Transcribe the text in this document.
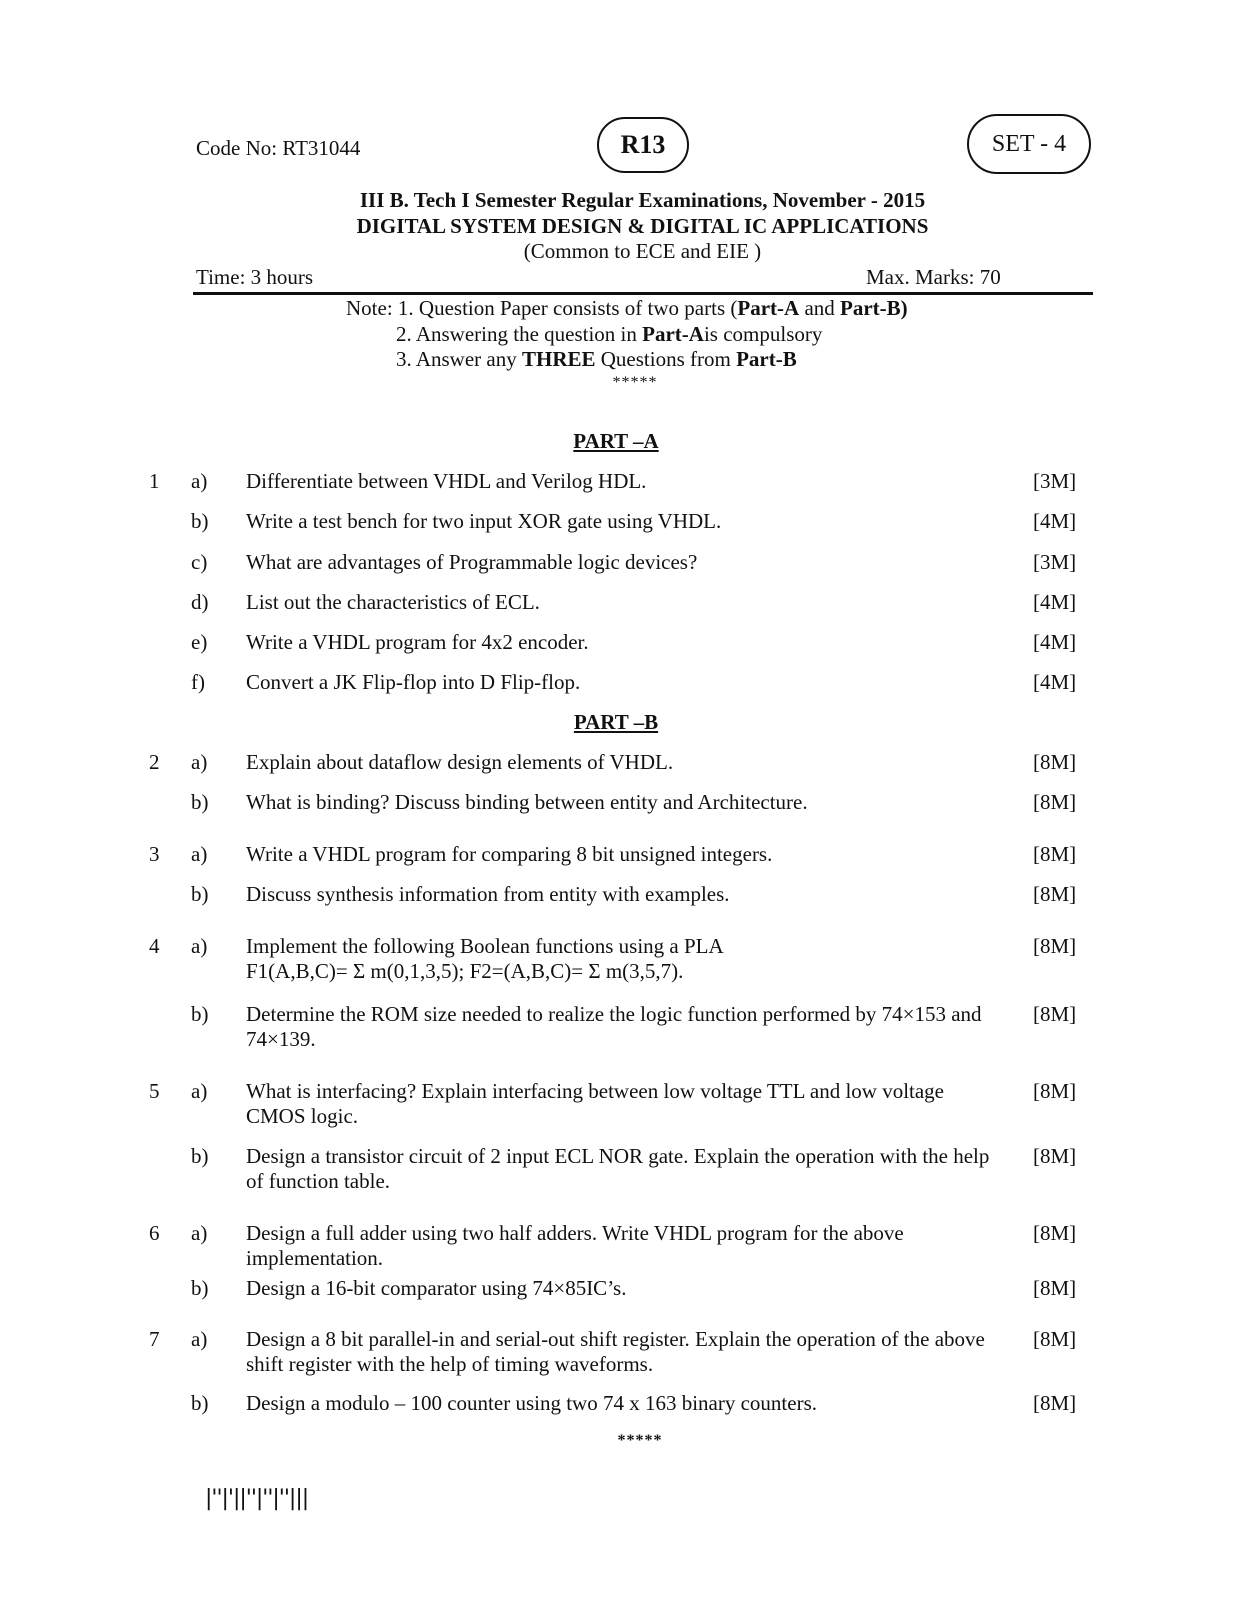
Code No: RT31044	R13	SET - 4
III B. Tech I Semester Regular Examinations, November - 2015
DIGITAL SYSTEM DESIGN & DIGITAL IC APPLICATIONS
(Common to ECE and EIE )
Time: 3 hours	Max. Marks: 70
Note: 1. Question Paper consists of two parts (Part-A and Part-B)
2. Answering the question in Part-Ais compulsory
3. Answer any THREE Questions from Part-B
*****
PART –A
1 a) Differentiate between VHDL and Verilog HDL.	[3M]
b) Write a test bench for two input XOR gate using VHDL.	[4M]
c) What are advantages of Programmable logic devices?	[3M]
d) List out the characteristics of ECL.	[4M]
e) Write a VHDL program for 4x2 encoder.	[4M]
f) Convert a JK Flip-flop into D Flip-flop.	[4M]
PART –B
2 a) Explain about dataflow design elements of VHDL.	[8M]
b) What is binding? Discuss binding between entity and Architecture.	[8M]
3 a) Write a VHDL program for comparing 8 bit unsigned integers.	[8M]
b) Discuss synthesis information from entity with examples.	[8M]
4 a) Implement the following Boolean functions using a PLA
F1(A,B,C)= Σ m(0,1,3,5); F2=(A,B,C)= Σ m(3,5,7).
[8M]
b) Determine the ROM size needed to realize the logic function performed by 74×153 and 74×139.
[8M]
5 a) What is interfacing? Explain interfacing between low voltage TTL and low voltage CMOS logic.
[8M]
b) Design a transistor circuit of 2 input ECL NOR gate. Explain the operation with the help of function table.
[8M]
6 a) Design a full adder using two half adders. Write VHDL program for the above implementation.
[8M]
b) Design a 16-bit comparator using 74×85IC’s.	[8M]
7 a) Design a 8 bit parallel-in and serial-out shift register. Explain the operation of the above shift register with the help of timing waveforms.
[8M]
b) Design a modulo – 100 counter using two 74 x 163 binary counters.	[8M]
*****
|''|'||''|''|''|||
